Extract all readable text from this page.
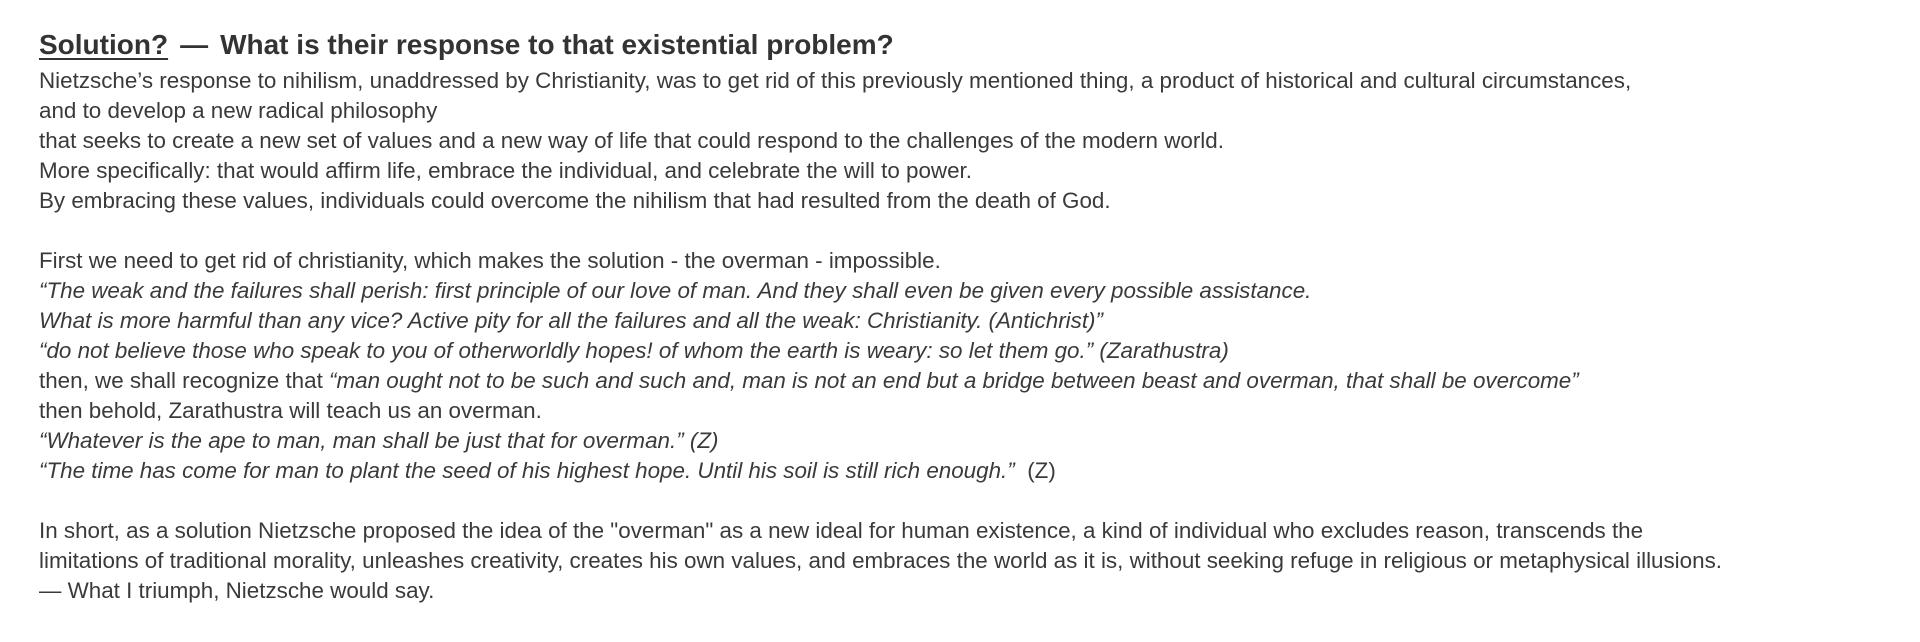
Solution? — What is their response to that existential problem?

Nietzsche’s response to nihilism, unaddressed by Christianity, was to get rid of this previously mentioned thing, a product of historical and cultural circumstances,

and to develop a new radical philosophy

that seeks to create a new set of values and a new way of life that could respond to the challenges of the modern world.

More specifically: that would affirm life, embrace the individual, and celebrate the will to power.

By embracing these values, individuals could overcome the nihilism that had resulted from the death of God.

First we need to get rid of christianity, which makes the solution - the overman - impossible.

“The weak and the failures shall perish: first principle of our love of man. And they shall even be given every possible assistance.

What is more harmful than any vice? Active pity for all the failures and all the weak: Christianity. (Antichrist)”

“do not believe those who speak to you of otherworldly hopes! of whom the earth is weary: so let them go.” (Zarathustra)

then, we shall recognize that “man ought not to be such and such and, man is not an end but a bridge between beast and overman, that shall be overcome”

then behold, Zarathustra will teach us an overman.

“Whatever is the ape to man, man shall be just that for overman.” (Z)

“The time has come for man to plant the seed of his highest hope. Until his soil is still rich enough.” (Z)

In short, as a solution Nietzsche proposed the idea of the "overman" as a new ideal for human existence, a kind of individual who excludes reason, transcends the

limitations of traditional morality, unleashes creativity, creates his own values, and embraces the world as it is, without seeking refuge in religious or metaphysical illusions.

— What I triumph, Nietzsche would say.
